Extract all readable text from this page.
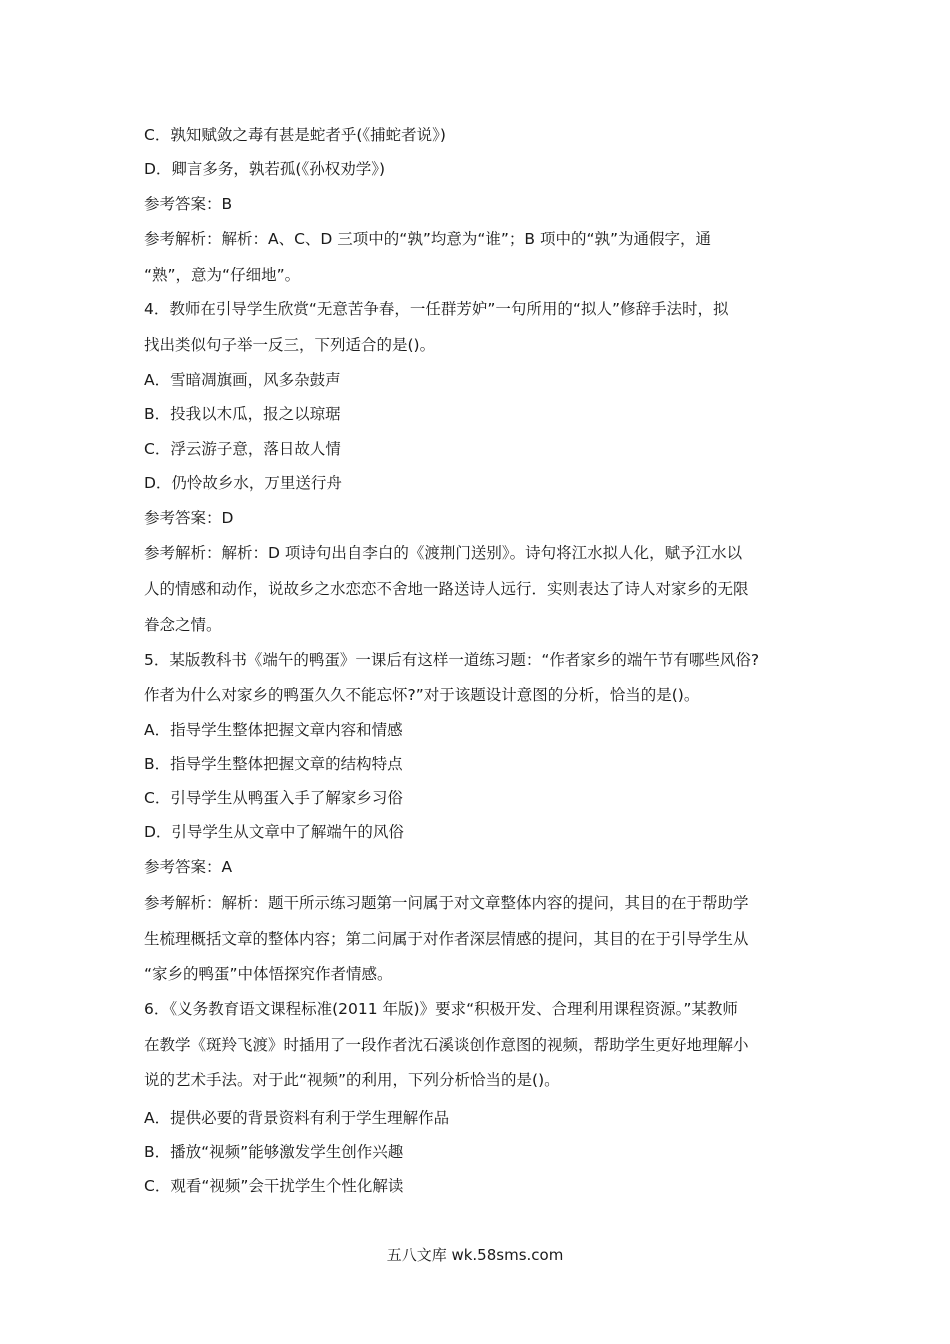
C．孰知赋敛之毒有甚是蛇者乎(《捕蛇者说》)
D．卿言多务，孰若孤(《孙权劝学》)
参考答案：B
参考解析：解析：A、C、D 三项中的“孰”均意为“谁”；B 项中的“孰”为通假字，通
“熟”，意为“仔细地”。
4．教师在引导学生欣赏“无意苦争春，一任群芳妒”一句所用的“拟人”修辞手法时，拟
找出类似句子举一反三，下列适合的是()。
A．雪暗凋旗画，风多杂鼓声
B．投我以木瓜，报之以琼琚
C．浮云游子意，落日故人情
D．仍怜故乡水，万里送行舟
参考答案：D
参考解析：解析：D 项诗句出自李白的《渡荆门送别》。诗句将江水拟人化，赋予江水以
人的情感和动作，说故乡之水恋恋不舍地一路送诗人远行．实则表达了诗人对家乡的无限
眷念之情。
5．某版教科书《端午的鸭蛋》一课后有这样一道练习题：“作者家乡的端午节有哪些风俗?
作者为什么对家乡的鸭蛋久久不能忘怀?”对于该题设计意图的分析，恰当的是()。
A．指导学生整体把握文章内容和情感
B．指导学生整体把握文章的结构特点
C．引导学生从鸭蛋入手了解家乡习俗
D．引导学生从文章中了解端午的风俗
参考答案：A
参考解析：解析：题干所示练习题第一问属于对文章整体内容的提问，其目的在于帮助学
生梳理概括文章的整体内容；第二问属于对作者深层情感的提问，其目的在于引导学生从
“家乡的鸭蛋”中体悟探究作者情感。
6．《义务教育语文课程标准(2011 年版)》要求“积极开发、合理利用课程资源。”某教师
在教学《斑羚飞渡》时插用了一段作者沈石溪谈创作意图的视频，帮助学生更好地理解小
说的艺术手法。对于此“视频”的利用，下列分析恰当的是()。
A．提供必要的背景资料有利于学生理解作品
B．播放“视频”能够激发学生创作兴趣
C．观看“视频”会干扰学生个性化解读
五八文库 wk.58sms.com
